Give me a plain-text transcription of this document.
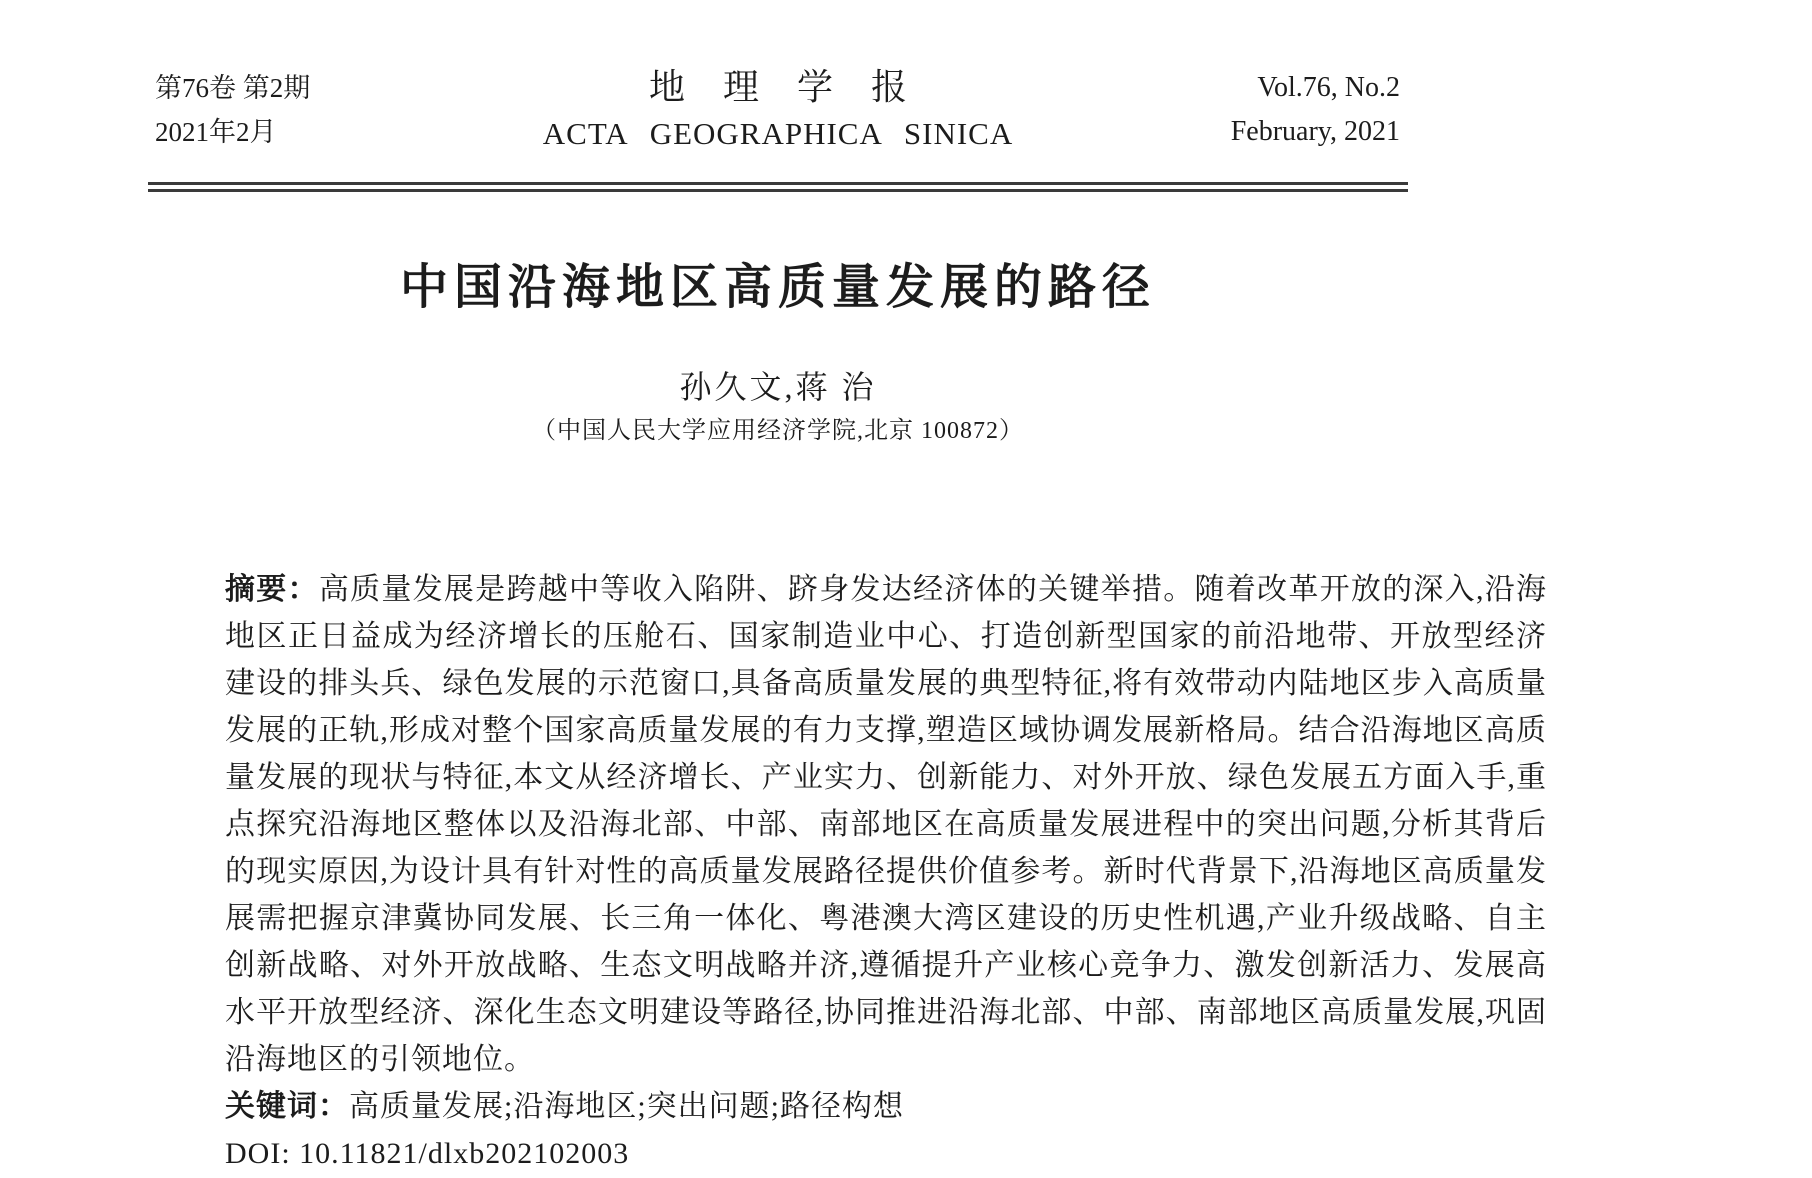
第76卷 第2期
2021年2月
地理学报
ACTA GEOGRAPHICA SINICA
Vol.76, No.2
February, 2021
中国沿海地区高质量发展的路径
孙久文,蒋 治
（中国人民大学应用经济学院,北京 100872）

摘要：高质量发展是跨越中等收入陷阱、跻身发达经济体的关键举措。随着改革开放的深入,沿海地区正日益成为经济增长的压舱石、国家制造业中心、打造创新型国家的前沿地带、开放型经济建设的排头兵、绿色发展的示范窗口,具备高质量发展的典型特征,将有效带动内陆地区步入高质量发展的正轨,形成对整个国家高质量发展的有力支撑,塑造区域协调发展新格局。结合沿海地区高质量发展的现状与特征,本文从经济增长、产业实力、创新能力、对外开放、绿色发展五方面入手,重点探究沿海地区整体以及沿海北部、中部、南部地区在高质量发展进程中的突出问题,分析其背后的现实原因,为设计具有针对性的高质量发展路径提供价值参考。新时代背景下,沿海地区高质量发展需把握京津冀协同发展、长三角一体化、粤港澳大湾区建设的历史性机遇,产业升级战略、自主创新战略、对外开放战略、生态文明战略并济,遵循提升产业核心竞争力、激发创新活力、发展高水平开放型经济、深化生态文明建设等路径,协同推进沿海北部、中部、南部地区高质量发展,巩固沿海地区的引领地位。

关键词：高质量发展;沿海地区;突出问题;路径构想

DOI: 10.11821/dlxb202102003
